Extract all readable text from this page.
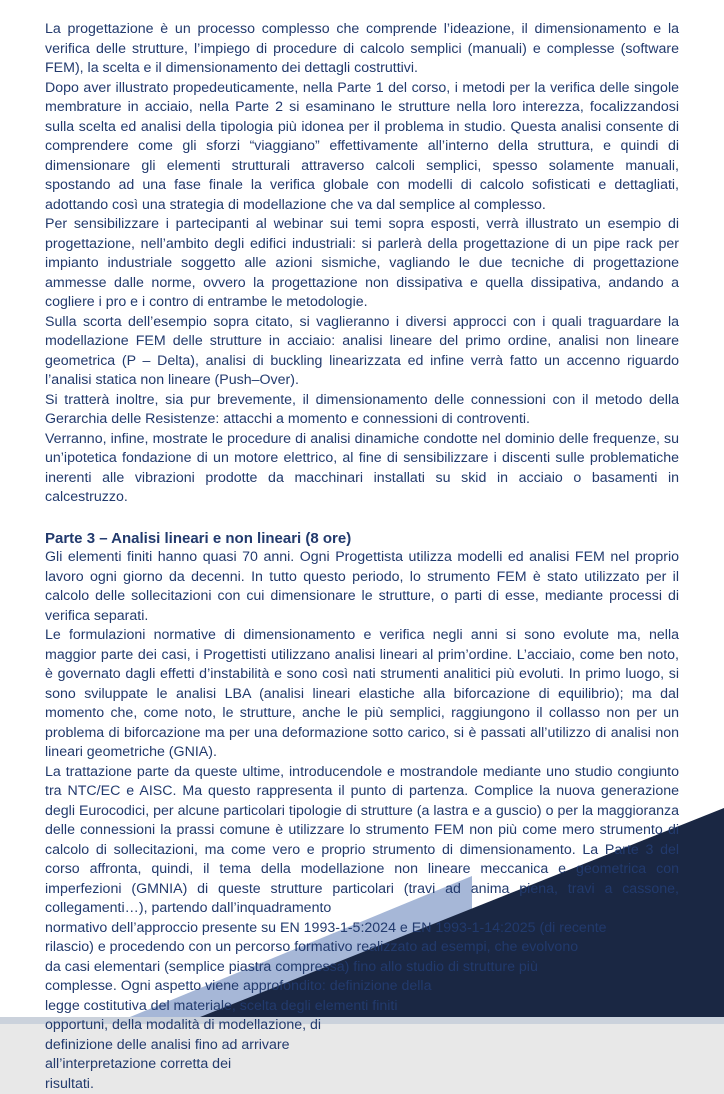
La progettazione è un processo complesso che comprende l’ideazione, il dimensionamento e la verifica delle strutture, l’impiego di procedure di calcolo semplici (manuali) e complesse (software FEM), la scelta e il dimensionamento dei dettagli costruttivi.

Dopo aver illustrato propedeuticamente, nella Parte 1 del corso, i metodi per la verifica delle singole membrature in acciaio, nella Parte 2 si esaminano le strutture nella loro interezza, focalizzandosi sulla scelta ed analisi della tipologia più idonea per il problema in studio. Questa analisi consente di comprendere come gli sforzi “viaggiano” effettivamente all’interno della struttura, e quindi di dimensionare gli elementi strutturali attraverso calcoli semplici, spesso solamente manuali, spostando ad una fase finale la verifica globale con modelli di calcolo sofisticati e dettagliati, adottando così una strategia di modellazione che va dal semplice al complesso.

Per sensibilizzare i partecipanti al webinar sui temi sopra esposti, verrà illustrato un esempio di progettazione, nell’ambito degli edifici industriali: si parlerà della progettazione di un pipe rack per impianto industriale soggetto alle azioni sismiche, vagliando le due tecniche di progettazione ammesse dalle norme, ovvero la progettazione non dissipativa e quella dissipativa, andando a cogliere i pro e i contro di entrambe le metodologie.

Sulla scorta dell’esempio sopra citato, si vaglieranno i diversi approcci con i quali traguardare la modellazione FEM delle strutture in acciaio: analisi lineare del primo ordine, analisi non lineare geometrica (P – Delta), analisi di buckling linearizzata ed infine verrà fatto un accenno riguardo l’analisi statica non lineare (Push–Over).

Si tratterà inoltre, sia pur brevemente, il dimensionamento delle connessioni con il metodo della Gerarchia delle Resistenze: attacchi a momento e connessioni di controventi.

Verranno, infine, mostrate le procedure di analisi dinamiche condotte nel dominio delle frequenze, su un’ipotetica fondazione di un motore elettrico, al fine di sensibilizzare i discenti sulle problematiche inerenti alle vibrazioni prodotte da macchinari installati su skid in acciaio o basamenti in calcestruzzo.

Parte 3 – Analisi lineari e non lineari (8 ore)

Gli elementi finiti hanno quasi 70 anni. Ogni Progettista utilizza modelli ed analisi FEM nel proprio lavoro ogni giorno da decenni. In tutto questo periodo, lo strumento FEM è stato utilizzato per il calcolo delle sollecitazioni con cui dimensionare le strutture, o parti di esse, mediante processi di verifica separati.

Le formulazioni normative di dimensionamento e verifica negli anni si sono evolute ma, nella maggior parte dei casi, i Progettisti utilizzano analisi lineari al prim’ordine. L’acciaio, come ben noto, è governato dagli effetti d’instabilità e sono così nati strumenti analitici più evoluti. In primo luogo, si sono sviluppate le analisi LBA (analisi lineari elastiche alla biforcazione di equilibrio); ma dal momento che, come noto, le strutture, anche le più semplici, raggiungono il collasso non per un problema di biforcazione ma per una deformazione sotto carico, si è passati all’utilizzo di analisi non lineari geometriche (GNIA).

La trattazione parte da queste ultime, introducendole e mostrandole mediante uno studio congiunto tra NTC/EC e AISC. Ma questo rappresenta il punto di partenza. Complice la nuova generazione degli Eurocodici, per alcune particolari tipologie di strutture (a lastra e a guscio) o per la maggioranza delle connessioni la prassi comune è utilizzare lo strumento FEM non più come mero strumento di calcolo di sollecitazioni, ma come vero e proprio strumento di dimensionamento. La Parte 3 del corso affronta, quindi, il tema della modellazione non lineare meccanica e geometrica con imperfezioni (GMNIA) di queste strutture particolari (travi ad anima piena, travi a cassone, collegamenti…), partendo dall’inquadramento

normativo dell’approccio presente su EN 1993-1-5:2024 e EN 1993-1-14:2025 (di recente
rilascio) e procedendo con un percorso formativo realizzato ad esempi, che evolvono
da casi elementari (semplice piastra compressa) fino allo studio di strutture più
complesse. Ogni aspetto viene approfondito: definizione della
legge costitutiva del materiale, scelta degli elementi finiti
opportuni, della modalità di modellazione, di
definizione delle analisi fino ad arrivare
all’interpretazione corretta dei
risultati.
